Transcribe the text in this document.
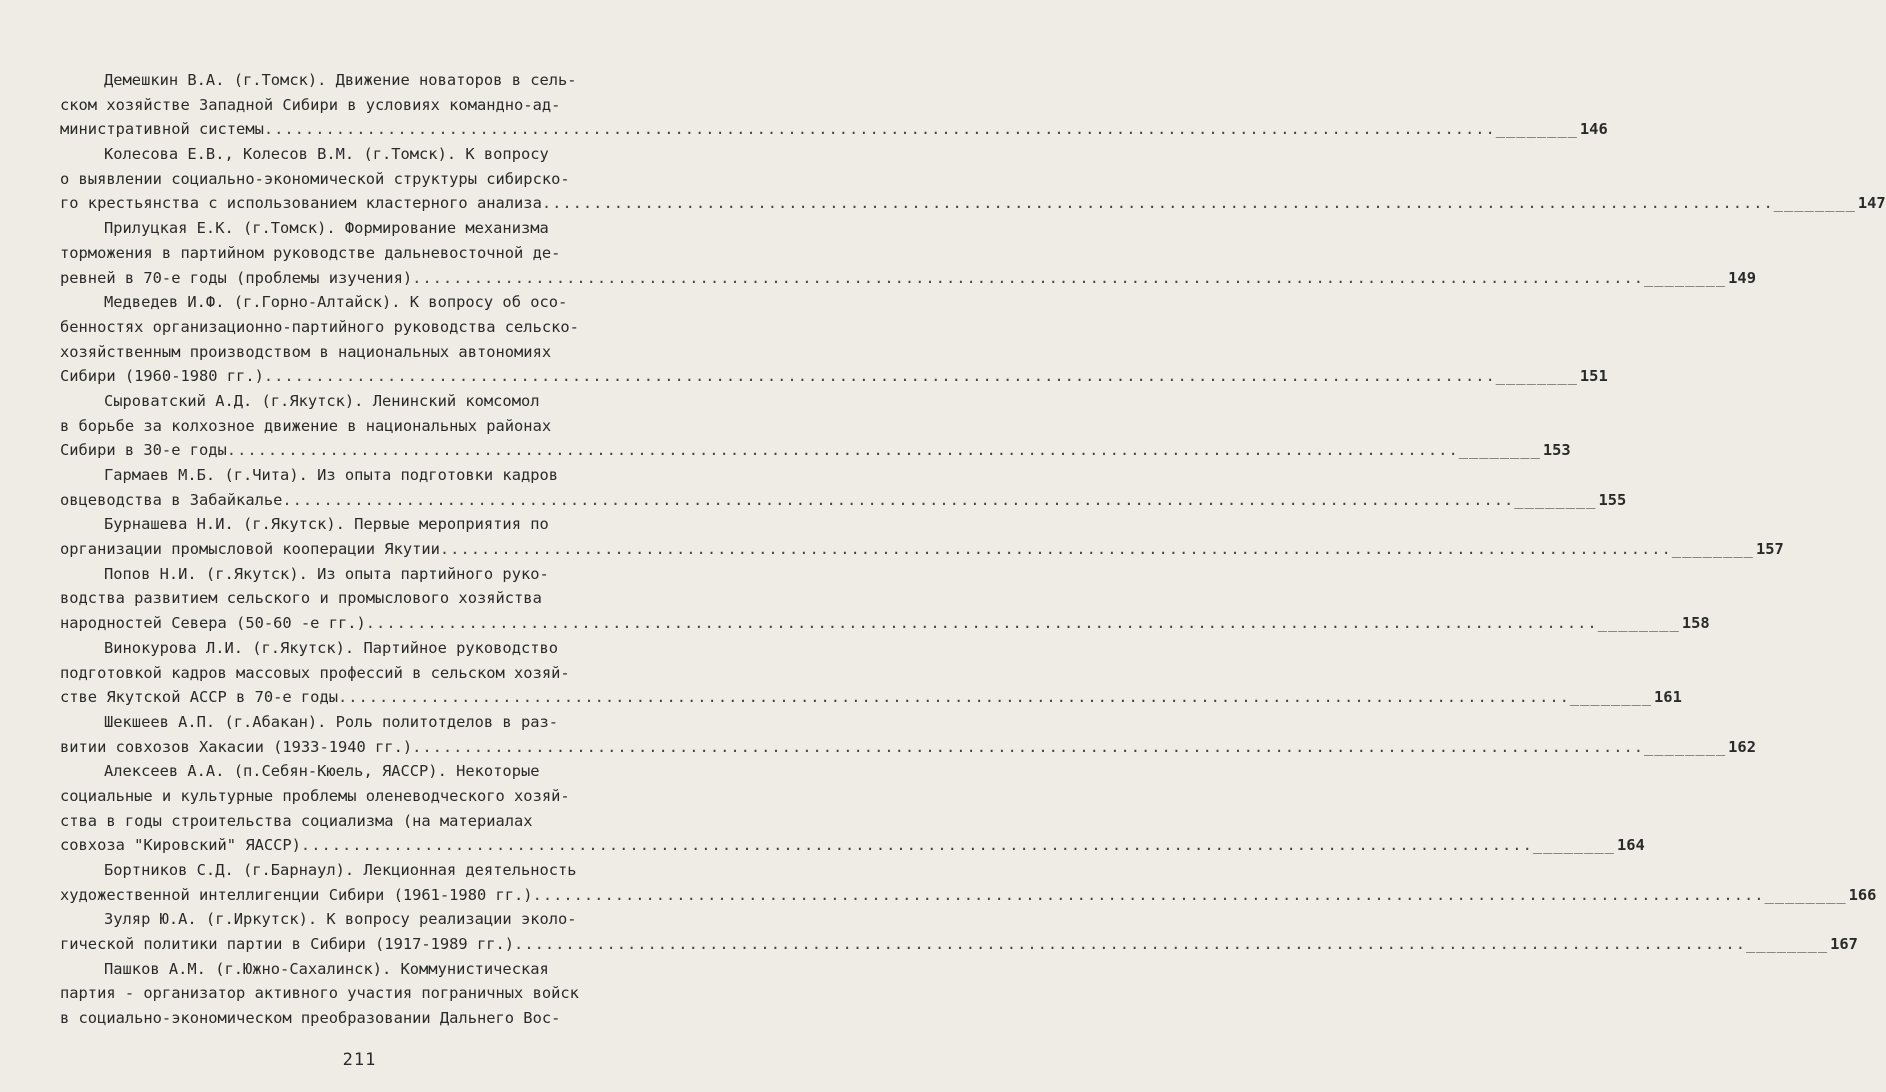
Демешкин В.А. (г.Томск). Движение новаторов в сель-
ском хозяйстве Западной Сибири в условиях командно-ад-
министративной системы ........................................................................................................................________ 146
Колесова Е.В., Колесов В.М. (г.Томск). К вопросу
о выявлении социально-экономической структуры сибирско-
го крестьянства с использованием кластерного анализа ........................................................................................................................________ 147
Прилуцкая Е.К. (г.Томск). Формирование механизма
торможения в партийном руководстве дальневосточной де-
ревней в 70-е годы (проблемы изучения) ........................................................................................................................________ 149
Медведев И.Ф. (г.Горно-Алтайск). К вопросу об осо-
бенностях организационно-партийного руководства сельско-
хозяйственным производством в национальных автономиях
Сибири (1960-1980 гг.) ........................................................................................................................________ 151
Сыроватский А.Д. (г.Якутск). Ленинский комсомол
в борьбе за колхозное движение в национальных районах
Сибири в 30-е годы ........................................................................................................................________ 153
Гармаев М.Б. (г.Чита). Из опыта подготовки кадров
овцеводства в Забайкалье ........................................................................................................................________ 155
Бурнашева Н.И. (г.Якутск). Первые мероприятия по
организации промысловой кооперации Якутии ........................................................................................................................________ 157
Попов Н.И. (г.Якутск). Из опыта партийного руко-
водства развитием сельского и промыслового хозяйства
народностей Севера (50-60 -е гг.) ........................................................................................................................________ 158
Винокурова Л.И. (г.Якутск). Партийное руководство
подготовкой кадров массовых профессий в сельском хозяй-
стве Якутской АССР в 70-е годы ........................................................................................................................________ 161
Шекшеев А.П. (г.Абакан). Роль политотделов в раз-
витии совхозов Хакасии (1933-1940 гг.) ........................................................................................................................________ 162
Алексеев А.А. (п.Себян-Кюель, ЯАССР). Некоторые
социальные и культурные проблемы оленеводческого хозяй-
ства в годы строительства социализма (на материалах
совхоза "Кировский" ЯАССР) ........................................................................................................................________ 164
Бортников С.Д. (г.Барнаул). Лекционная деятельность
художественной интеллигенции Сибири (1961-1980 гг.) ........................................................................................................................________ 166
Зуляр Ю.А. (г.Иркутск). К вопросу реализации эколо-
гической политики партии в Сибири (1917-1989 гг.) ........................................................................................................................________ 167
Пашков А.М. (г.Южно-Сахалинск). Коммунистическая
партия - организатор активного участия пограничных войск
в социально-экономическом преобразовании Дальнего Вос-
211
